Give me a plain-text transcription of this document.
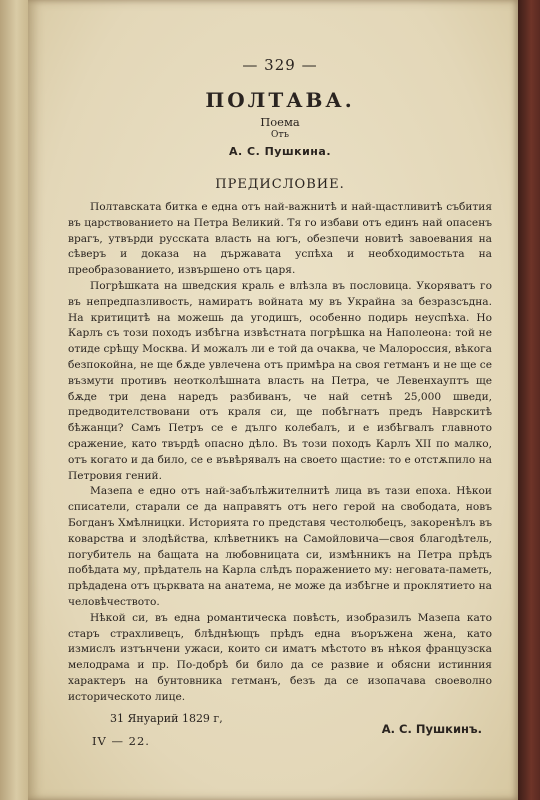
— 329 —

ПОЛТАВА.

Поема

Отъ

А. С. Пушкина.

ПРЕДИСЛОВИЕ.

Полтавската битка е една отъ най-важнитѣ и най-щастливитѣ събития въ царствованието на Петра Великий. Тя го избави отъ единъ най опасенъ врагъ, утвърди русската власть на югъ, обезпечи новитѣ завоевания на сѣверъ и доказа на държавата успѣха и необходимостьта на преобразованието, извършено отъ царя.

Погрѣшката на шведския краль е влѣзла въ пословица. Укоряватъ го въ непредпазливость, намиратъ войната му въ Украйна за безразсъдна. На критицитѣ на можешь да угодишъ, особенно подирь неуспѣха. Но Карлъ съ този походъ избѣгна извѣстната погрѣшка на Наполеона: той не отиде срѣщу Москва. И можалъ ли е той да очаква, че Малороссия, вѣкога безпокойна, не ще бѫде увлечена отъ примѣра на своя гетманъ и не ще се възмути противъ неотколѣшната власть на Петра, че Левенхауптъ ще бѫде три дена наредъ разбиванъ, че най сетнѣ 25,000 шведи, предводителствовани отъ краля си, ще побѣгнатъ предъ Наврскитѣ бѣжанци? Самъ Петръ се е дълго колебалъ, и е избѣгвалъ главното сражение, като твърдѣ опасно дѣло. Въ този походъ Карлъ XII по малко, отъ когато и да било, се е въвѣрявалъ на своето щастие: то е отстѫпило на Петровия гений.

Мазепа е едно отъ най-забълѣжителнитѣ лица въ тази епоха. Нѣкои списатели, старали се да направятъ отъ него герой на свободата, новъ Богданъ Хмѣлницки. Историята го представя честолюбецъ, закоренѣлъ въ коварства и злодѣйства, клѣветникъ на Самойловича—своя благодѣтель, погубитель на бащата на любовницата си, измѣнникъ на Петра прѣдъ побѣдата му, прѣдатель на Карла слѣдъ поражението му: неговата-паметь, прѣдадена отъ църквата на анатема, не може да избѣгне и проклятието на человѣчеството.

Нѣкой си, въ една романтическа повѣсть, изобразилъ Мазепа като старъ страхливецъ, блѣднѣющъ прѣдъ една въоръжена жена, като измислъ изтънчени ужаси, които си иматъ мѣстото въ нѣкоя французска мелодрама и пр. По-добрѣ би било да се развие и обясни истинния характеръ на бунтовника гетманъ, безъ да се изопачава своеволно историческото лице.

31 Януарий 1829 г,
А. С. Пушкинъ.

IV — 22.
